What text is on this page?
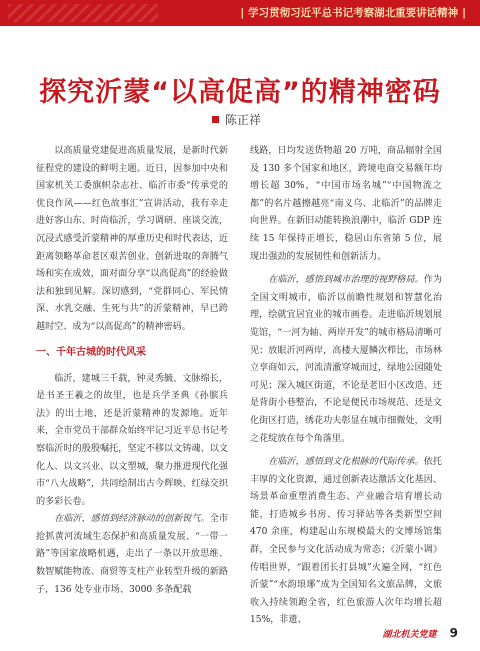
| 学习贯彻习近平总书记考察湖北重要讲话精神 |
探究沂蒙“以高促高”的精神密码
陈正祥

以高质量党建促进高质量发展，是新时代新征程党的建设的鲜明主题。近日，因参加中央和国家机关工委旗帜杂志社、临沂市委“传承党的优良作风——红色故事汇”宣讲活动，我有幸走进好客山东、时尚临沂，学习调研、座谈交流，沉浸式感受沂蒙精神的厚重历史和时代表达，近距离领略革命老区艰苦创业、创新进取的奔腾气场和实在成效，面对面分享“以高促高”的经验做法和独到见解。深切感到，“党群同心、军民情深、水乳交融、生死与共”的沂蒙精神，早已跨越时空、成为“以高促高”的精神密码。

一、千年古城的时代风采

临沂，建城三千载，钟灵秀毓、文脉绵长，是书圣王羲之的故里，也是兵学圣典《孙膑兵法》的出土地，还是沂蒙精神的发源地。近年来，全市党员干部群众始终牢记习近平总书记考察临沂时的殷殷嘱托，坚定不移以文铸魂、以文化人、以文兴业、以文塑城，聚力推进现代化强市“八大战略”，共同绘制出古今辉映、红绿交织的多彩长卷。

在临沂，感悟到经济脉动的创新锐气。全市抢抓黄河流域生态保护和高质量发展、“一带一路”等国家战略机遇，走出了一条以开放思维、数智赋能物流、商贸等支柱产业转型升级的新路子，136 处专业市场、3000 多条配载

线路，日均发送货物超 20 万吨，商品辐射全国及 130 多个国家和地区，跨境电商交易额年均增长超 30%，“中国市场名城”“中国物流之都”的名片越擦越亮“南义乌、北临沂”的品牌走向世界。在新旧动能转换浪潮中，临沂 GDP 连续 15 年保持正增长，稳居山东省第 5 位，展现出强劲的发展韧性和创新活力。

在临沂，感悟到城市治理的视野格局。作为全国文明城市，临沂以前瞻性规划和智慧化治理，绘就宜居宜业的城市画卷。走进临沂规划展览馆，“一河为轴、两岸开发”的城市格局清晰可见；放眼沂河两岸，高楼大厦鳞次栉比，市场林立享商如云，河流清澈穿城而过，绿地公园随处可见；深入城区街道，不论是老旧小区改造、还是背街小巷整治，不论是便民市场规范、还是文化街区打造，绣花功夫彰显在城市细微处，文明之花绽放在每个角落里。

在临沂，感悟到文化根脉的代际传承。依托丰厚的文化资源，通过创新表达激活文化基因、场景革命重塑消费生态、产业融合培育增长动能，打造城乡书房、传习驿站等各类新型空间 470 余座，构建起山东规模最大的文博场馆集群，全民参与文化活动成为常态；《沂蒙小调》传唱世界，“跟着团长打县城”火遍全网，“红色沂蒙”“水韵琅琊”成为全国知名文旅品牌，文旅收入持续领跑全省，红色旅游人次年均增长超 15%，非遗、

湖北机关党建 9
